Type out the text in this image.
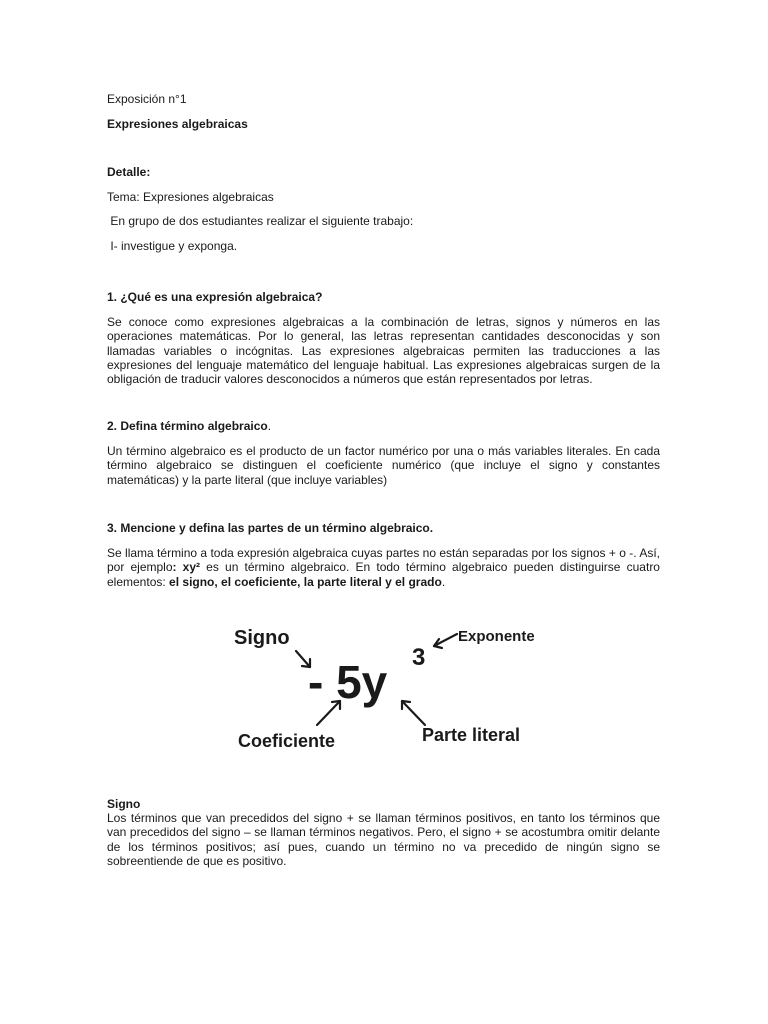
Exposición n°1
Expresiones algebraicas
Detalle:
Tema: Expresiones algebraicas
En grupo de dos estudiantes realizar el siguiente trabajo:
I- investigue y exponga.
1. ¿Qué es una expresión algebraica?
Se conoce como expresiones algebraicas a la combinación de letras, signos y números en las operaciones matemáticas. Por lo general, las letras representan cantidades desconocidas y son llamadas variables o incógnitas. Las expresiones algebraicas permiten las traducciones a las expresiones del lenguaje matemático del lenguaje habitual. Las expresiones algebraicas surgen de la obligación de traducir valores desconocidos a números que están representados por letras.
2. Defina término algebraico.
Un término algebraico es el producto de un factor numérico por una o más variables literales. En cada término algebraico se distinguen el coeficiente numérico (que incluye el signo y constantes matemáticas) y la parte literal (que incluye variables)
3. Mencione y defina las partes de un término algebraico.
Se llama término a toda expresión algebraica cuyas partes no están separadas por los signos + o -. Así, por ejemplo: xy² es un término algebraico. En todo término algebraico pueden distinguirse cuatro elementos: el signo, el coeficiente, la parte literal y el grado.
Signo	Exponente
- 5y 3
Coeficiente	Parte literal
Signo
Los términos que van precedidos del signo + se llaman términos positivos, en tanto los términos que van precedidos del signo – se llaman términos negativos. Pero, el signo + se acostumbra omitir delante de los términos positivos; así pues, cuando un término no va precedido de ningún signo se sobreentiende de que es positivo.
